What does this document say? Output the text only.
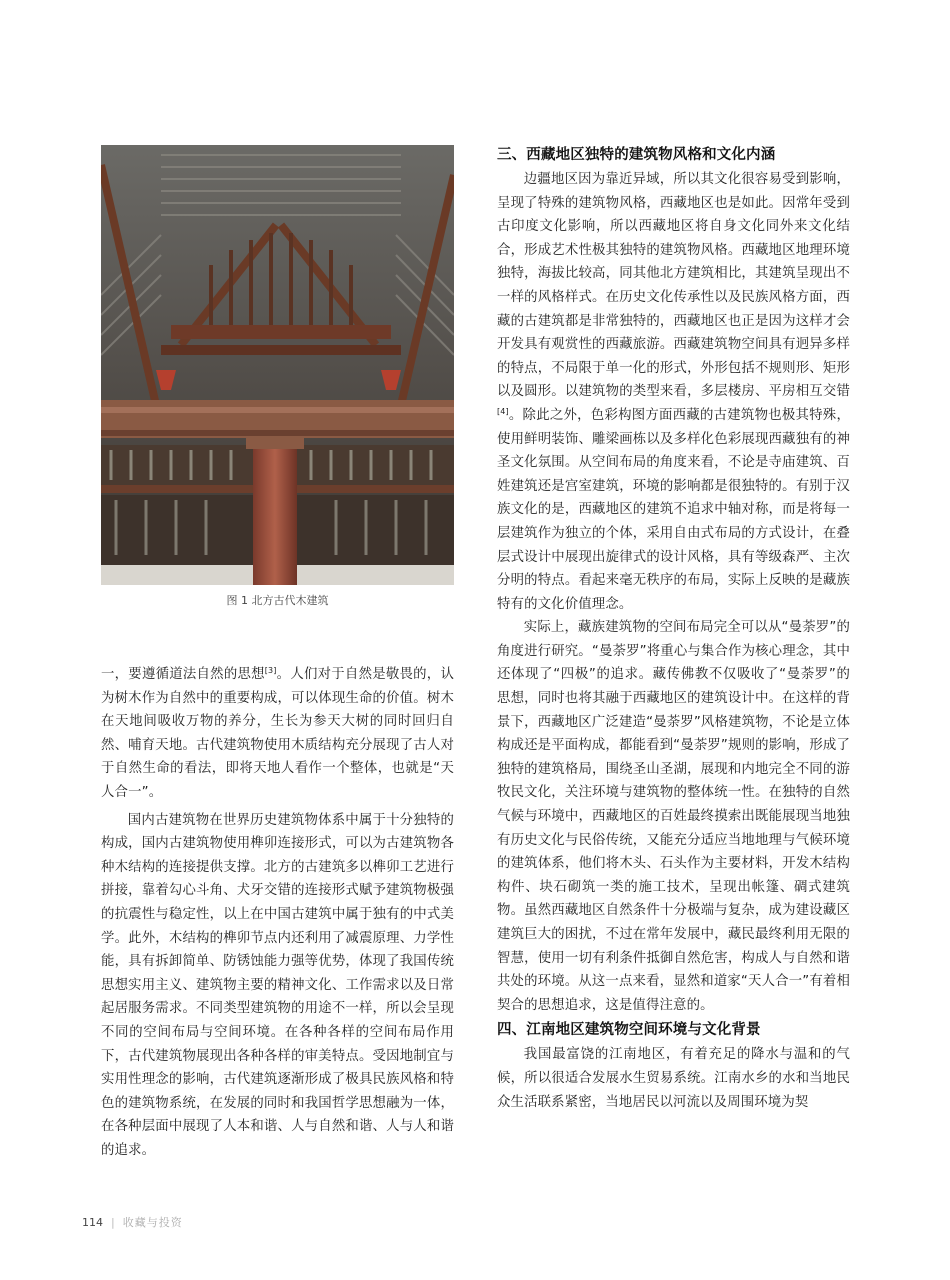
图 1 北方古代木建筑

一，要遵循道法自然的思想[3]。人们对于自然是敬畏的，认为树木作为自然中的重要构成，可以体现生命的价值。树木在天地间吸收万物的养分，生长为参天大树的同时回归自然、哺育天地。古代建筑物使用木质结构充分展现了古人对于自然生命的看法，即将天地人看作一个整体，也就是“天人合一”。

国内古建筑物在世界历史建筑物体系中属于十分独特的构成，国内古建筑物使用榫卯连接形式，可以为古建筑物各种木结构的连接提供支撑。北方的古建筑多以榫卯工艺进行拼接，靠着勾心斗角、犬牙交错的连接形式赋予建筑物极强的抗震性与稳定性，以上在中国古建筑中属于独有的中式美学。此外，木结构的榫卯节点内还利用了减震原理、力学性能，具有拆卸简单、防锈蚀能力强等优势，体现了我国传统思想实用主义、建筑物主要的精神文化、工作需求以及日常起居服务需求。不同类型建筑物的用途不一样，所以会呈现不同的空间布局与空间环境。在各种各样的空间布局作用下，古代建筑物展现出各种各样的审美特点。受因地制宜与实用性理念的影响，古代建筑逐渐形成了极具民族风格和特色的建筑物系统，在发展的同时和我国哲学思想融为一体，在各种层面中展现了人本和谐、人与自然和谐、人与人和谐的追求。

三、西藏地区独特的建筑物风格和文化内涵

边疆地区因为靠近异域，所以其文化很容易受到影响，呈现了特殊的建筑物风格，西藏地区也是如此。因常年受到古印度文化影响，所以西藏地区将自身文化同外来文化结合，形成艺术性极其独特的建筑物风格。西藏地区地理环境独特，海拔比较高，同其他北方建筑相比，其建筑呈现出不一样的风格样式。在历史文化传承性以及民族风格方面，西藏的古建筑都是非常独特的，西藏地区也正是因为这样才会开发具有观赏性的西藏旅游。西藏建筑物空间具有迥异多样的特点，不局限于单一化的形式，外形包括不规则形、矩形以及圆形。以建筑物的类型来看，多层楼房、平房相互交错[4]。除此之外，色彩构图方面西藏的古建筑物也极其特殊，使用鲜明装饰、雕梁画栋以及多样化色彩展现西藏独有的神圣文化氛围。从空间布局的角度来看，不论是寺庙建筑、百姓建筑还是宫室建筑，环境的影响都是很独特的。有别于汉族文化的是，西藏地区的建筑不追求中轴对称，而是将每一层建筑作为独立的个体，采用自由式布局的方式设计，在叠层式设计中展现出旋律式的设计风格，具有等级森严、主次分明的特点。看起来毫无秩序的布局，实际上反映的是藏族特有的文化价值理念。

实际上，藏族建筑物的空间布局完全可以从“曼荼罗”的角度进行研究。“曼荼罗”将重心与集合作为核心理念，其中还体现了“四极”的追求。藏传佛教不仅吸收了“曼荼罗”的思想，同时也将其融于西藏地区的建筑设计中。在这样的背景下，西藏地区广泛建造“曼荼罗”风格建筑物，不论是立体构成还是平面构成，都能看到“曼荼罗”规则的影响，形成了独特的建筑格局，围绕圣山圣湖，展现和内地完全不同的游牧民文化，关注环境与建筑物的整体统一性。在独特的自然气候与环境中，西藏地区的百姓最终摸索出既能展现当地独有历史文化与民俗传统，又能充分适应当地地理与气候环境的建筑体系，他们将木头、石头作为主要材料，开发木结构构件、块石砌筑一类的施工技术，呈现出帐篷、碉式建筑物。虽然西藏地区自然条件十分极端与复杂，成为建设藏区建筑巨大的困扰，不过在常年发展中，藏民最终利用无限的智慧，使用一切有利条件抵御自然危害，构成人与自然和谐共处的环境。从这一点来看，显然和道家“天人合一”有着相契合的思想追求，这是值得注意的。

四、江南地区建筑物空间环境与文化背景

我国最富饶的江南地区，有着充足的降水与温和的气候，所以很适合发展水生贸易系统。江南水乡的水和当地民众生活联系紧密，当地居民以河流以及周围环境为契

114 | 收藏与投资
